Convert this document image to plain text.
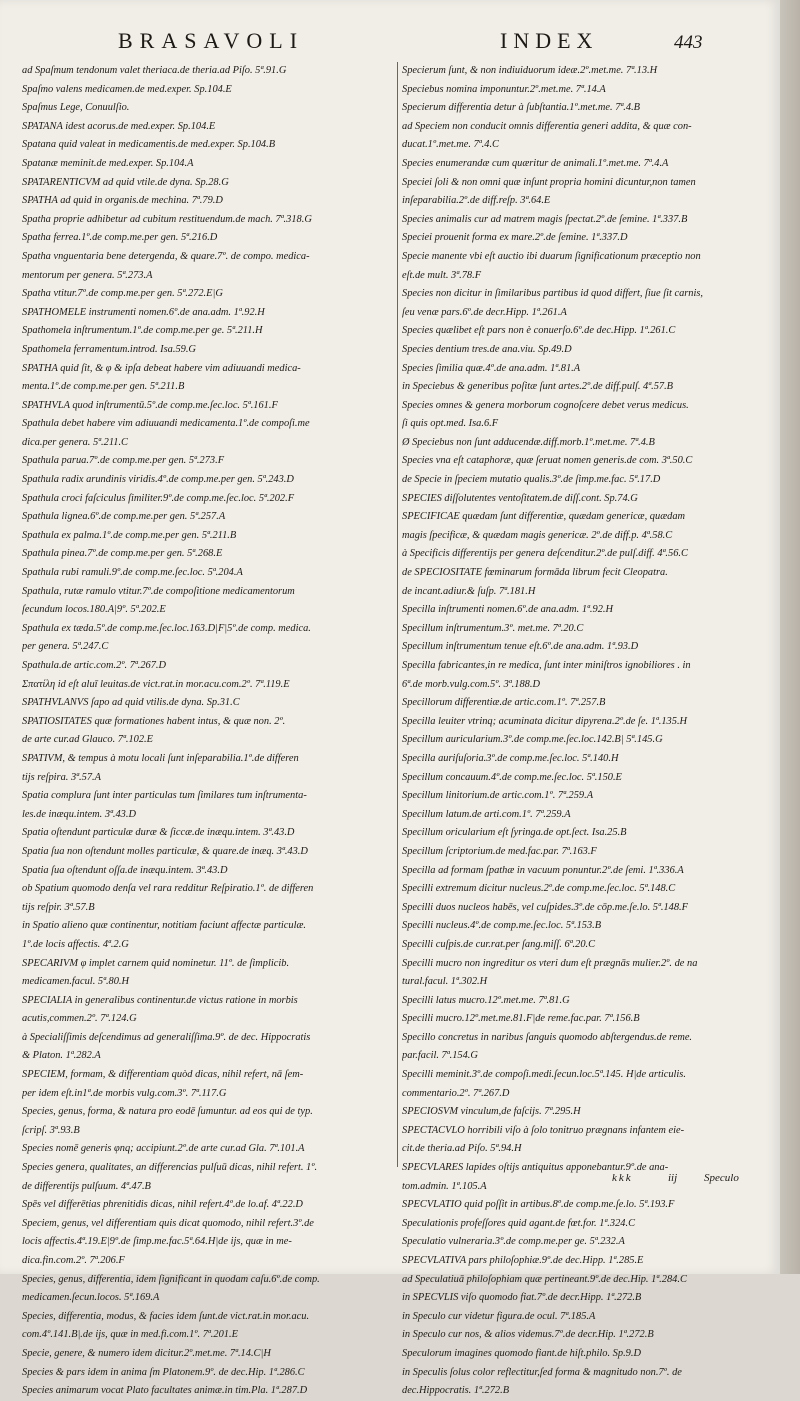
BRASAVOLI	INDEX	443
ad Spaſmum tendonum valet theriaca.de theria.ad Piſo. 5ª.91.G
Spaſmo valens medicamen.de med.exper. Sp.104.E
Spaſmus Lege, Conuulſio.
SPATANA idest acorus.de med.exper. Sp.104.E
Spatana quid valeat in medicamentis.de med.exper. Sp.104.B
Spatanæ meminit.de med.exper. Sp.104.A
SPATARENTICVM ad quid vtile.de dyna. Sp.28.G
SPATHA ad quid in organis.de mechina. 7ª.79.D
Spatha proprie adhibetur ad cubitum restituendum.de mach. 7ª.318.G
Spatha ferrea.1º.de comp.me.per gen. 5ª.216.D
Spatha vnguentaria bene detergenda, & quare.7º. de compo. medica-
mentorum per genera. 5ª.273.A
Spatha vtitur.7º.de comp.me.per gen. 5ª.272.E|G
SPATHOMELE instrumenti nomen.6º.de ana.adm. 1ª.92.H
Spathomela inſtrumentum.1º.de comp.me.per ge. 5ª.211.H
Spathomela ferramentum.introd. Isa.59.G
SPATHA quid ſit, & φ & ipſa debeat habere vim adiuuandi medica-
menta.1º.de comp.me.per gen. 5ª.211.B
SPATHVLA quod inſtrumentū.5º.de comp.me.ſec.loc. 5ª.161.F
Spathula debet habere vim adiuuandi medicamenta.1º.de compoſi.me
dica.per genera. 5ª.211.C
Spathula parua.7º.de comp.me.per gen. 5ª.273.F
Spathula radix arundinis viridis.4º.de comp.me.per gen. 5ª.243.D
Spathula croci faſciculus ſimiliter.9º.de comp.me.ſec.loc. 5ª.202.F
Spathula lignea.6º.de comp.me.per gen. 5ª.257.A
Spathula ex palma.1º.de comp.me.per gen. 5ª.211.B
Spathula pinea.7º.de comp.me.per gen. 5ª.268.E
Spathula rubi ramuli.9º.de comp.me.ſec.loc. 5ª.204.A
Spathula, rutæ ramulo vtitur.7º.de compoſitione medicamentorum
ſecundum locos.180.A|9º. 5ª.202.E
Spathula ex tæda.5º.de comp.me.ſec.loc.163.D|F|5º.de comp. medica.
per genera. 5ª.247.C
Spathula.de artic.com.2º. 7ª.267.D
Σπατίλη id eſt aluī leuitas.de vict.rat.in mor.acu.com.2º. 7ª.119.E
SPATHVLANVS ſapo ad quid vtilis.de dyna. Sp.31.C
SPATIOSITATES quæ formationes habent intus, & quæ non. 2º.
de arte cur.ad Glauco. 7ª.102.E
SPATIVM, & tempus à motu locali ſunt inſeparabilia.1º.de differen
tijs reſpira. 3ª.57.A
Spatia complura ſunt inter particulas tum ſimilares tum inſtrumenta-
les.de inæqu.intem. 3ª.43.D
Spatia oſtendunt particulæ duræ & ſiccæ.de inæqu.intem. 3ª.43.D
Spatia ſua non oſtendunt molles particulæ, & quare.de inæq. 3ª.43.D
Spatia ſua oſtendunt oſſa.de inæqu.intem. 3ª.43.D
ob Spatium quomodo denſa vel rara redditur Reſpiratio.1º. de differen
tijs reſpir. 3ª.57.B
in Spatio alieno quæ continentur, notitiam faciunt affectæ particulæ.
1º.de locis affectis. 4ª.2.G
SPECARIVM φ implet carnem quid nominetur. 11º. de ſimplicib.
medicamen.facul. 5ª.80.H
SPECIALIA in generalibus continentur.de victus ratione in morbis
acutis,commen.2º. 7ª.124.G
à Specialiſſimis deſcendimus ad generaliſſima.9º. de dec. Hippocratis
& Platon. 1ª.282.A
SPECIEM, formam, & differentiam quòd dicas, nihil refert, nā ſem-
per idem eſt.in1ª.de morbis vulg.com.3º. 7ª.117.G
Species, genus, forma, & natura pro eodē ſumuntur. ad eos qui de typ.
ſcripſ. 3ª.93.B
Species nomē generis φnq; accipiunt.2º.de arte cur.ad Gla. 7ª.101.A
Species genera, qualitates, an differencias pulſuū dicas, nihil refert. 1º.
de differentijs pulſuum. 4ª.47.B
Spēs vel differētias phrenitidis dicas, nihil refert.4º.de lo.af. 4ª.22.D
Speciem, genus, vel differentiam quis dicat quomodo, nihil refert.3º.de
locis affectis.4ª.19.E|9º.de ſimp.me.fac.5ª.64.H|de ijs, quæ in me-
dica.fin.com.2º. 7ª.206.F
Species, genus, differentia, idem ſignificant in quodam caſu.6º.de comp.
medicamen.ſecun.locos. 5ª.169.A
Species, differentia, modus, & facies idem ſunt.de vict.rat.in mor.acu.
com.4º.141.B|.de ijs, quæ in med.fi.com.1º. 7ª.201.E
Specie, genere, & numero idem dicitur.2º.met.me. 7ª.14.C|H
Species & pars idem in anima ſm Platonem.9º. de dec.Hip. 1ª.286.C
Species animarum vocat Plato facultates animæ.in tim.Pla. 1ª.287.D
Specierum ſunt, & non indiuiduorum ideæ.2º.met.me. 7ª.13.H
Speciebus nomina imponuntur.2º.met.me. 7ª.14.A
Specierum differentia detur à ſubſtantia.1º.met.me. 7ª.4.B
ad Speciem non conducit omnis differentia generi addita, & quæ con-
ducat.1º.met.me. 7ª.4.C
Species enumerandæ cum quæritur de animali.1º.met.me. 7ª.4.A
Speciei ſoli & non omni quæ inſunt propria homini dicuntur,non tamen
inſeparabilia.2º.de diff.reſp. 3ª.64.E
Species animalis cur ad matrem magis ſpectat.2º.de ſemine. 1ª.337.B
Speciei prouenit forma ex mare.2º.de ſemine. 1ª.337.D
Specie manente vbi eſt auctio ibi duarum ſignificationum præceptio non
eſt.de mult. 3ª.78.F
Species non dicitur in ſimilaribus partibus id quod differt, ſiue ſit carnis,
ſeu venæ pars.6º.de decr.Hipp. 1ª.261.A
Species quælibet eſt pars non è conuerſo.6º.de dec.Hipp. 1ª.261.C
Species dentium tres.de ana.viu. Sp.49.D
Species ſimilia quæ.4º.de ana.adm. 1ª.81.A
in Speciebus & generibus poſitæ ſunt artes.2º.de diff.pulſ. 4ª.57.B
Species omnes & genera morborum cognoſcere debet verus medicus.
ſi quis opt.med. Isa.6.F
Ø Speciebus non ſunt adducendæ.diff.morb.1º.met.me. 7ª.4.B
Species vna eſt cataphoræ, quæ ſeruat nomen generis.de com. 3ª.50.C
de Specie in ſpeciem mutatio qualis.3º.de ſimp.me.fac. 5ª.17.D
SPECIES diſſolutentes ventoſitatem.de diſſ.cont. Sp.74.G
SPECIFICAE quædam ſunt differentiæ, quædam genericæ, quædam
magis ſpecificæ, & quædam magis genericæ. 2º.de diff.p. 4ª.58.C
à Specificis differentijs per genera deſcenditur.2º.de pulſ.diff. 4ª.56.C
de SPECIOSITATE fœminarum formāda librum fecit Cleopatra.
de incant.adiur.& ſuſp. 7ª.181.H
Specilla inſtrumenti nomen.6º.de ana.adm. 1ª.92.H
Specillum inſtrumentum.3º. met.me. 7ª.20.C
Specillum inſtrumentum tenue eſt.6º.de ana.adm. 1ª.93.D
Specilla fabricantes,in re medica, ſunt inter miniſtros ignobiliores . in
6ª.de morb.vulg.com.5º. 3ª.188.D
Specillorum differentiæ.de artic.com.1º. 7ª.257.B
Specilla leuiter vtrinq; acuminata dicitur dipyrena.2º.de ſe. 1ª.135.H
Specillum auricularium.3º.de comp.me.ſec.loc.142.B| 5ª.145.G
Specilla auriſuſoria.3º.de comp.me.ſec.loc. 5ª.140.H
Specillum concauum.4º.de comp.me.ſec.loc. 5ª.150.E
Specillum linitorium.de artic.com.1º. 7ª.259.A
Specillum latum.de arti.com.1º. 7ª.259.A
Specillum oricularium eſt ſyringa.de opt.ſect. Isa.25.B
Specillum ſcriptorium.de med.fac.par. 7ª.163.F
Specilla ad formam ſpathæ in vacuum ponuntur.2º.de ſemi. 1ª.336.A
Specilli extremum dicitur nucleus.2º.de comp.me.ſec.loc. 5ª.148.C
Specilli duos nucleos habēs, vel cuſpides.3º.de cōp.me.ſe.lo. 5ª.148.F
Specilli nucleus.4º.de comp.me.ſec.loc. 5ª.153.B
Specilli cuſpis.de cur.rat.per ſang.miſſ. 6ª.20.C
Specilli mucro non ingreditur os vteri dum eſt prægnās mulier.2º. de na
tural.facul. 1ª.302.H
Specilli latus mucro.12º.met.me. 7ª.81.G
Specilli mucro.12º.met.me.81.F|de reme.fac.par. 7ª.156.B
Specillo concretus in naribus ſanguis quomodo abſtergendus.de reme.
par.facil. 7ª.154.G
Specilli meminit.3º.de compoſi.medi.ſecun.loc.5ª.145. H|de articulis.
commentario.2º. 7ª.267.D
SPECIOSVM vinculum,de faſcijs. 7ª.295.H
SPECTACVLO horribili viſo à ſolo tonitruo prægnans infantem eie-
cit.de theria.ad Piſo. 5ª.94.H
SPECVLARES lapides oſtijs antiquitus apponebantur.9º.de ana-
tom.admin. 1ª.105.A
SPECVLATIO quid poſſit in artibus.8º.de comp.me.ſe.lo. 5ª.193.F
Speculationis profeſſores quid agant.de fœt.for. 1ª.324.C
Speculatio vulneraria.3º.de comp.me.per ge. 5ª.232.A
SPECVLATIVA pars philoſophiæ.9º.de dec.Hipp. 1ª.285.E
ad Speculatiuā philoſophiam quæ pertineant.9º.de dec.Hip. 1ª.284.C
in SPECVLIS viſo quomodo fiat.7º.de decr.Hipp. 1ª.272.B
in Speculo cur videtur figura.de ocul. 7ª.185.A
in Speculo cur nos, & alios videmus.7º.de decr.Hip. 1ª.272.B
Speculorum imagines quomodo fiant.de hiſt.philo. Sp.9.D
in Speculis ſolus color reflectitur,ſed forma & magnitudo non.7º. de
dec.Hippocratis. 1ª.272.B
kkk	iij Speculo
